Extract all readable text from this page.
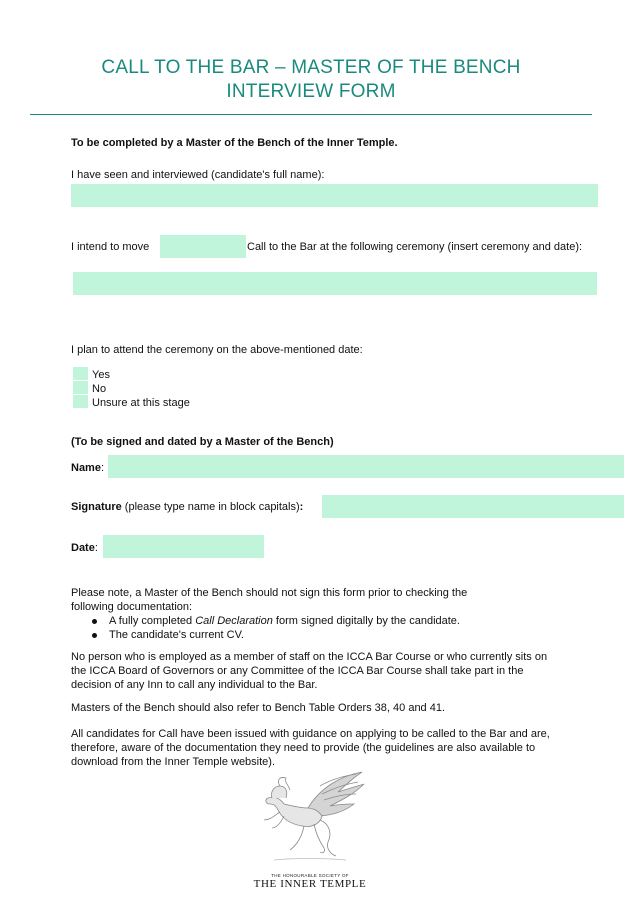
CALL TO THE BAR – MASTER OF THE BENCH
INTERVIEW FORM
To be completed by a Master of the Bench of the Inner Temple.
I have seen and interviewed (candidate's full name):
I intend to move	Call to the Bar at the following ceremony (insert ceremony and date):
I plan to attend the ceremony on the above-mentioned date:
Yes
No
Unsure at this stage
(To be signed and dated by a Master of the Bench)
Name:
Signature (please type name in block capitals):
Date:
Please note, a Master of the Bench should not sign this form prior to checking the
following documentation:
A fully completed Call Declaration form signed digitally by the candidate.
The candidate's current CV.
No person who is employed as a member of staff on the ICCA Bar Course or who currently sits on
the ICCA Board of Governors or any Committee of the ICCA Bar Course shall take part in the
decision of any Inn to call any individual to the Bar.
Masters of the Bench should also refer to Bench Table Orders 38, 40 and 41.
All candidates for Call have been issued with guidance on applying to be called to the Bar and are,
therefore, aware of the documentation they need to provide (the guidelines are also available to
download from the Inner Temple website).
THE HONOURABLE SOCIETY OF
THE INNER TEMPLE
